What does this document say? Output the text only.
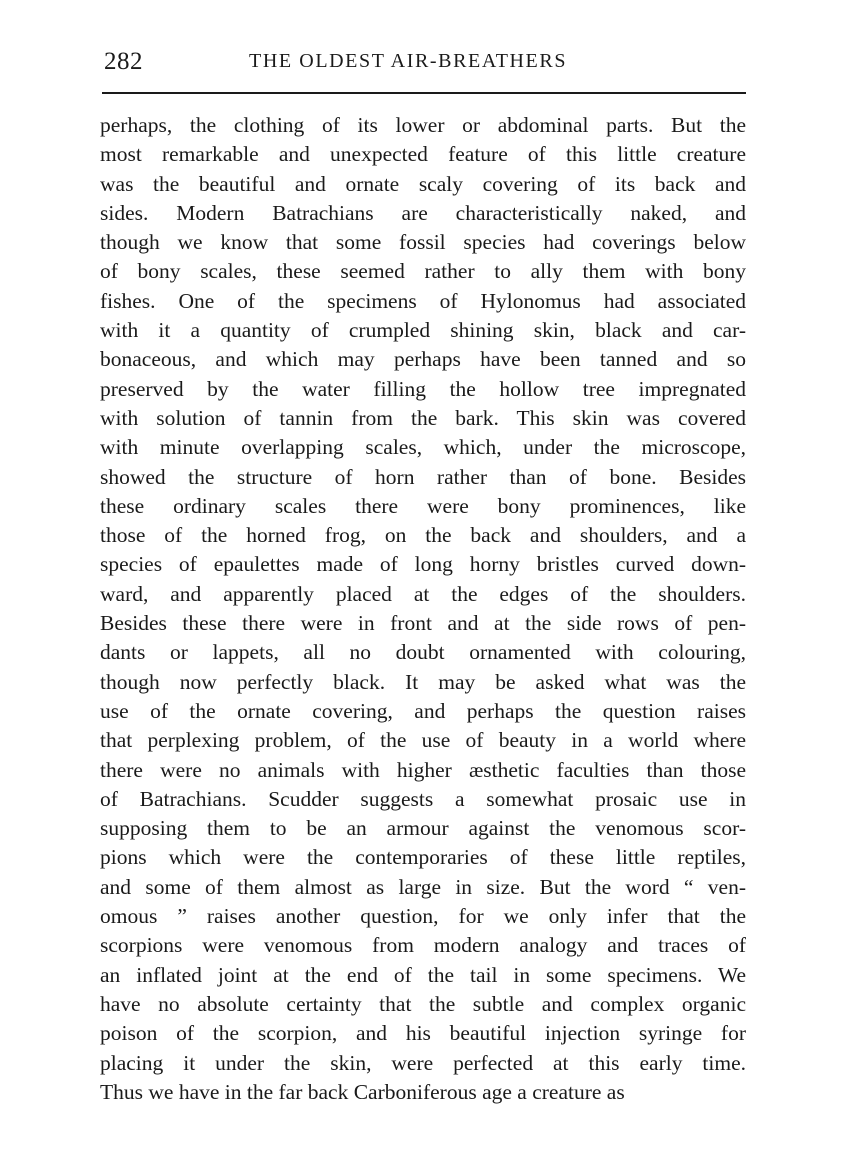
282	THE OLDEST AIR-BREATHERS
perhaps, the clothing of its lower or abdominal parts. But the
most remarkable and unexpected feature of this little creature
was the beautiful and ornate scaly covering of its back and
sides. Modern Batrachians are characteristically naked, and
though we know that some fossil species had coverings below
of bony scales, these seemed rather to ally them with bony
fishes. One of the specimens of Hylonomus had associated
with it a quantity of crumpled shining skin, black and car-
bonaceous, and which may perhaps have been tanned and so
preserved by the water filling the hollow tree impregnated
with solution of tannin from the bark. This skin was covered
with minute overlapping scales, which, under the microscope,
showed the structure of horn rather than of bone. Besides
these ordinary scales there were bony prominences, like
those of the horned frog, on the back and shoulders, and a
species of epaulettes made of long horny bristles curved down-
ward, and apparently placed at the edges of the shoulders.
Besides these there were in front and at the side rows of pen-
dants or lappets, all no doubt ornamented with colouring,
though now perfectly black. It may be asked what was the
use of the ornate covering, and perhaps the question raises
that perplexing problem, of the use of beauty in a world where
there were no animals with higher æsthetic faculties than those
of Batrachians. Scudder suggests a somewhat prosaic use in
supposing them to be an armour against the venomous scor-
pions which were the contemporaries of these little reptiles,
and some of them almost as large in size. But the word “ ven-
omous ” raises another question, for we only infer that the
scorpions were venomous from modern analogy and traces of
an inflated joint at the end of the tail in some specimens. We
have no absolute certainty that the subtle and complex organic
poison of the scorpion, and his beautiful injection syringe for
placing it under the skin, were perfected at this early time.
Thus we have in the far back Carboniferous age a creature as
